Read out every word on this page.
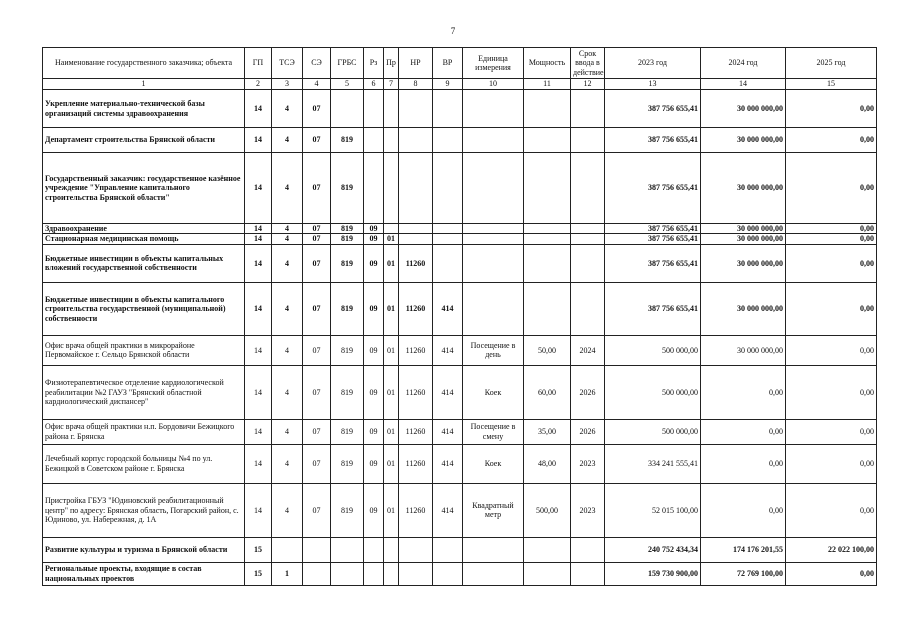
7
Наименование государственного заказчика; объекта	ГП	ТСЭ	СЭ	ГРБС	Рз	Пр	НР	ВР	Единица измерения	Мощность	Срок ввода в действие	2023 год	2024 год	2025 год
1	2	3	4	5	6	7	8	9	10	11	12	13	14	15
Укрепление материально-технической базы организаций системы здравоохранения	14	4	07									387 756 655,41	30 000 000,00	0,00
Департамент строительства Брянской области	14	4	07	819								387 756 655,41	30 000 000,00	0,00
Государственный заказчик: государственное казённое учреждение "Управление капитального строительства Брянской области"	14	4	07	819								387 756 655,41	30 000 000,00	0,00
Здравоохранение	14	4	07	819	09							387 756 655,41	30 000 000,00	0,00
Стационарная медицинская помощь	14	4	07	819	09	01						387 756 655,41	30 000 000,00	0,00
Бюджетные инвестиции в объекты капитальных вложений государственной собственности	14	4	07	819	09	01	11260					387 756 655,41	30 000 000,00	0,00
Бюджетные инвестиции в объекты капитального строительства государственной (муниципальной) собственности	14	4	07	819	09	01	11260	414				387 756 655,41	30 000 000,00	0,00
Офис врача общей практики в микрорайоне Первомайское г. Сельцо Брянской области	14	4	07	819	09	01	11260	414	Посещение в день	50,00	2024	500 000,00	30 000 000,00	0,00
Физиотерапевтическое отделение кардиологической реабилитации №2 ГАУЗ "Брянский областной кардиологический диспансер"	14	4	07	819	09	01	11260	414	Коек	60,00	2026	500 000,00	0,00	0,00
Офис врача общей практики н.п. Бордовичи Бежицкого района г. Брянска	14	4	07	819	09	01	11260	414	Посещение в смену	35,00	2026	500 000,00	0,00	0,00
Лечебный корпус городской больницы №4 по ул. Бежицкой в Советском районе г. Брянска	14	4	07	819	09	01	11260	414	Коек	48,00	2023	334 241 555,41	0,00	0,00
Пристройка ГБУЗ "Юдиновский реабилитационный центр" по адресу: Брянская область, Погарский район, с. Юдиново, ул. Набережная, д. 1А	14	4	07	819	09	01	11260	414	Квадратный метр	500,00	2023	52 015 100,00	0,00	0,00
Развитие культуры и туризма в Брянской области	15											240 752 434,34	174 176 201,55	22 022 100,00
Региональные проекты, входящие в состав национальных проектов	15	1										159 730 900,00	72 769 100,00	0,00
